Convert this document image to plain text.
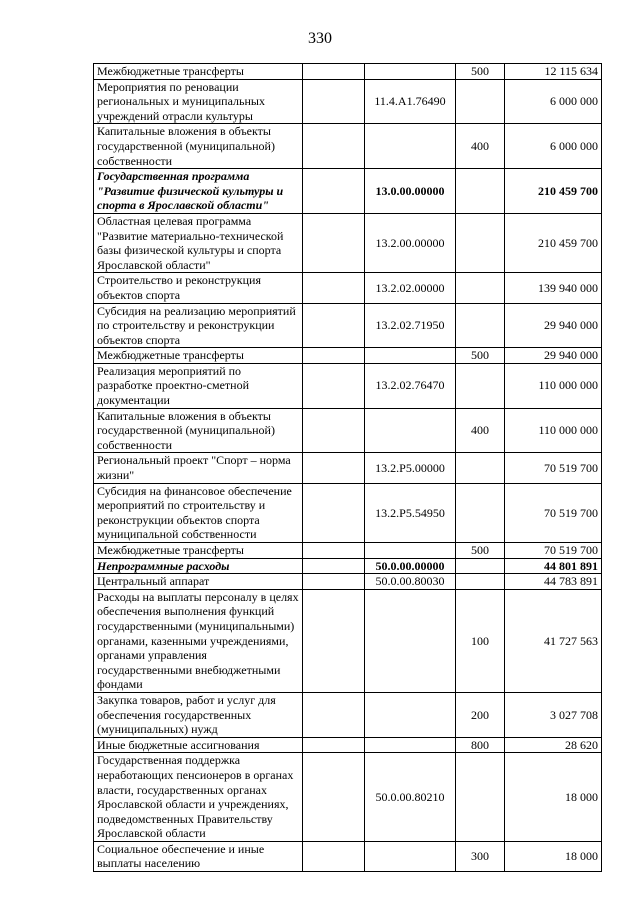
330
Межбюджетные трансферты			500	12 115 634
Мероприятия по реновации региональных и муниципальных учреждений отрасли культуры		11.4.A1.76490		6 000 000
Капитальные вложения в объекты государственной (муниципальной) собственности			400	6 000 000
Государственная программа "Развитие физической культуры и спорта в Ярославской области"		13.0.00.00000		210 459 700
Областная целевая программа "Развитие материально-технической базы физической культуры и спорта Ярославской области"		13.2.00.00000		210 459 700
Строительство и реконструкция объектов спорта		13.2.02.00000		139 940 000
Субсидия на реализацию мероприятий по строительству и реконструкции объектов спорта		13.2.02.71950		29 940 000
Межбюджетные трансферты			500	29 940 000
Реализация мероприятий по разработке проектно-сметной документации		13.2.02.76470		110 000 000
Капитальные вложения в объекты государственной (муниципальной) собственности			400	110 000 000
Региональный проект "Спорт – норма жизни"		13.2.P5.00000		70 519 700
Субсидия на финансовое обеспечение мероприятий по строительству и реконструкции объектов спорта муниципальной собственности		13.2.P5.54950		70 519 700
Межбюджетные трансферты			500	70 519 700
Непрограммные расходы		50.0.00.00000		44 801 891
Центральный аппарат		50.0.00.80030		44 783 891
Расходы на выплаты персоналу в целях обеспечения выполнения функций государственными (муниципальными) органами, казенными учреждениями, органами управления государственными внебюджетными фондами			100	41 727 563
Закупка товаров, работ и услуг для обеспечения государственных (муниципальных) нужд			200	3 027 708
Иные бюджетные ассигнования			800	28 620
Государственная поддержка неработающих пенсионеров в органах власти, государственных органах Ярославской области и учреждениях, подведомственных Правительству Ярославской области		50.0.00.80210		18 000
Социальное обеспечение и иные выплаты населению			300	18 000
